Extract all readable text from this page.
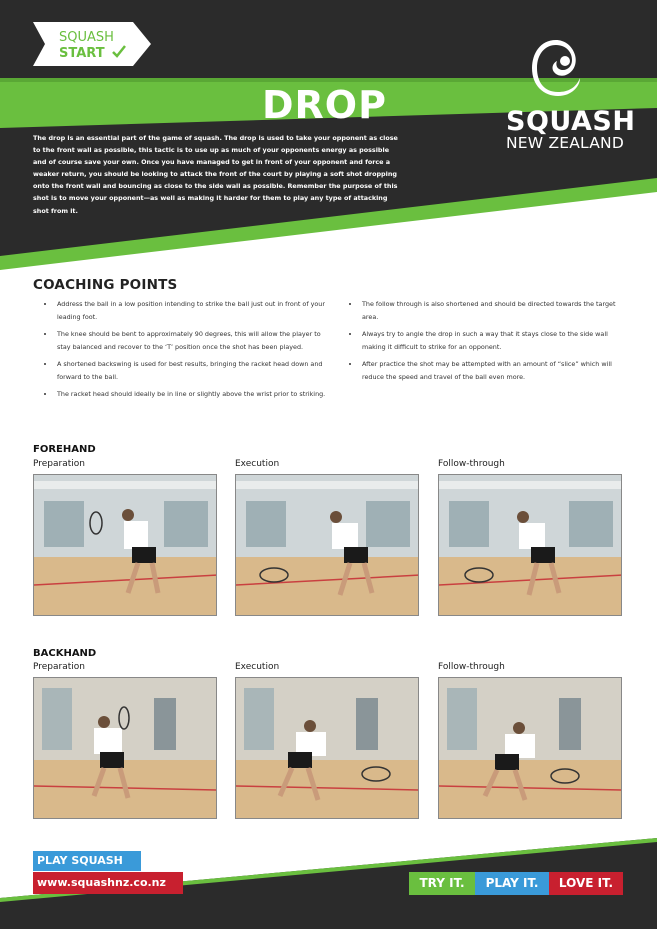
SQUASH
START
DROP
The drop is an essential part of the game of squash. The drop is used to take your opponent as close to the front wall as possible, this tactic is to use up as much of your opponents energy as possible and of course save your own. Once you have managed to get in front of your opponent and force a weaker return, you should be looking to attack the front of the court by playing a soft shot dropping onto the front wall and bouncing as close to the side wall as possible. Remember the purpose of this shot is to move your opponent—as well as making it harder for them to play any type of attacking shot from it.
SQUASH
NEW ZEALAND
COACHING POINTS
• Address the ball in a low position intending to strike the ball just out in front of your leading foot.
• The knee should be bent to approximately 90 degrees, this will allow the player to stay balanced and recover to the ‘T’ position once the shot has been played.
• A shortened backswing is used for best results, bringing the racket head down and forward to the ball.
• The racket head should ideally be in line or slightly above the wrist prior to striking.
• The follow through is also shortened and should be directed towards the target area.
• Always try to angle the drop in such a way that it stays close to the side wall making it difficult to strike for an opponent.
• After practice the shot may be attempted with an amount of “slice” which will reduce the speed and travel of the ball even more.
FOREHAND
Preparation	Execution	Follow-through
BACKHAND
Preparation	Execution	Follow-through
PLAY SQUASH
www.squashnz.co.nz	TRY IT.	PLAY IT.	LOVE IT.
